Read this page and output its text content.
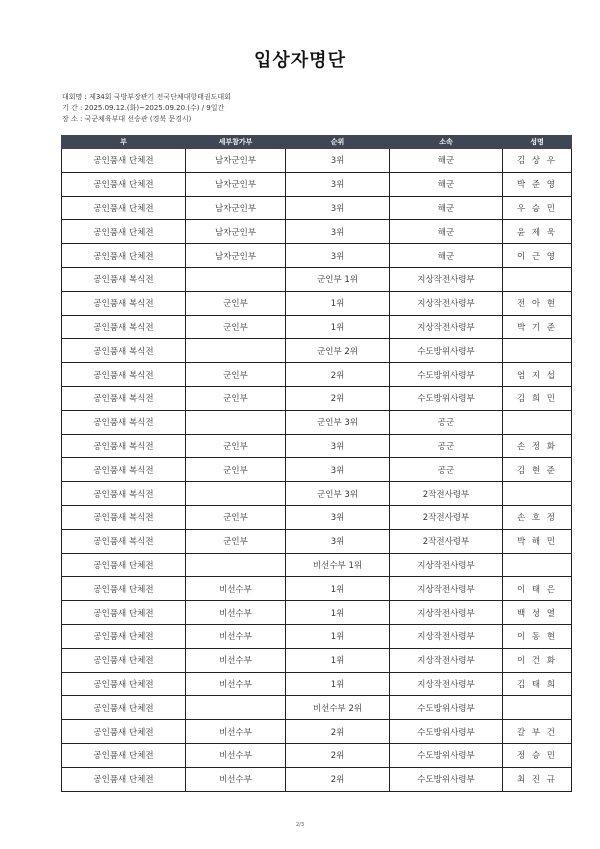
입상자명단
대회명 : 제34회 국방부장관기 전국단체대항태권도대회
기 간 : 2025.09.12.(화)~2025.09.20.(수) / 9일간
장 소 : 국군체육부대 선승관 (경북 문경시)
부	세부참가부	순위	소속	성명
공인품새 단체전	남자군인부	3위	해군	김 상 우
공인품새 단체전	남자군인부	3위	해군	박 준 영
공인품새 단체전	남자군인부	3위	해군	우 승 민
공인품새 단체전	남자군인부	3위	해군	윤 제 욱
공인품새 단체전	남자군인부	3위	해군	이 근 영
공인품새 복식전		군인부 1위	지상작전사령부	
공인품새 복식전	군인부	1위	지상작전사령부	전 아 현
공인품새 복식전	군인부	1위	지상작전사령부	박 기 준
공인품새 복식전		군인부 2위	수도방위사령부	
공인품새 복식전	군인부	2위	수도방위사령부	엄 지 섭
공인품새 복식전	군인부	2위	수도방위사령부	김 희 민
공인품새 복식전		군인부 3위	공군	
공인품새 복식전	군인부	3위	공군	손 정 화
공인품새 복식전	군인부	3위	공군	김 현 준
공인품새 복식전		군인부 3위	2작전사령부	
공인품새 복식전	군인부	3위	2작전사령부	손 호 정
공인품새 복식전	군인부	3위	2작전사령부	박 해 민
공인품새 단체전		비선수부 1위	지상작전사령부	
공인품새 단체전	비선수부	1위	지상작전사령부	이 태 은
공인품새 단체전	비선수부	1위	지상작전사령부	백 성 열
공인품새 단체전	비선수부	1위	지상작전사령부	이 동 현
공인품새 단체전	비선수부	1위	지상작전사령부	이 건 화
공인품새 단체전	비선수부	1위	지상작전사령부	김 태 희
공인품새 단체전		비선수부 2위	수도방위사령부	
공인품새 단체전	비선수부	2위	수도방위사령부	갈 부 건
공인품새 단체전	비선수부	2위	수도방위사령부	정 승 민
공인품새 단체전	비선수부	2위	수도방위사령부	최 진 규
2/3
